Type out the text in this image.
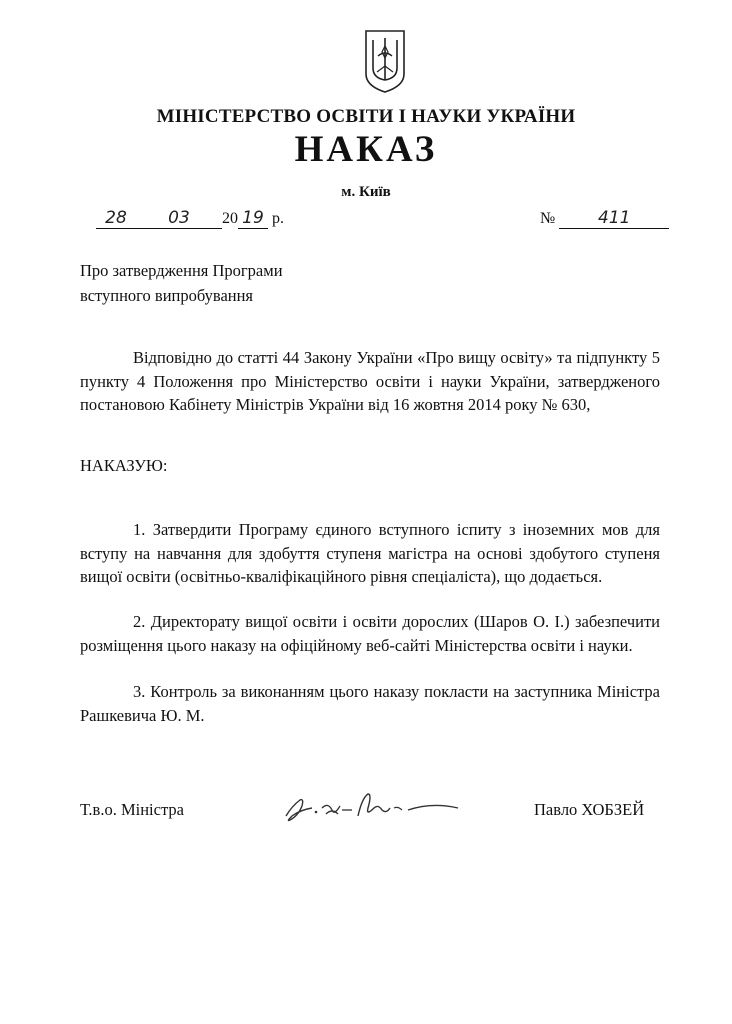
МІНІСТЕРСТВО ОСВІТИ І НАУКИ УКРАЇНИ
НАКАЗ
м. Київ
28 03 20 19 р.	№	411
Про затвердження Програми
вступного випробування
Відповідно до статті 44 Закону України «Про вищу освіту» та підпункту 5 пункту 4 Положення про Міністерство освіти і науки України, затвердженого постановою Кабінету Міністрів України від 16 жовтня 2014 року № 630,
НАКАЗУЮ:
1. Затвердити Програму єдиного вступного іспиту з іноземних мов для вступу на навчання для здобуття ступеня магістра на основі здобутого ступеня вищої освіти (освітньо-кваліфікаційного рівня спеціаліста), що додається.
2. Директорату вищої освіти і освіти дорослих (Шаров О. І.) забезпечити розміщення цього наказу на офіційному веб-сайті Міністерства освіти і науки.
3. Контроль за виконанням цього наказу покласти на заступника Міністра Рашкевича Ю. М.
Т.в.о. Міністра	Павло ХОБЗЕЙ
